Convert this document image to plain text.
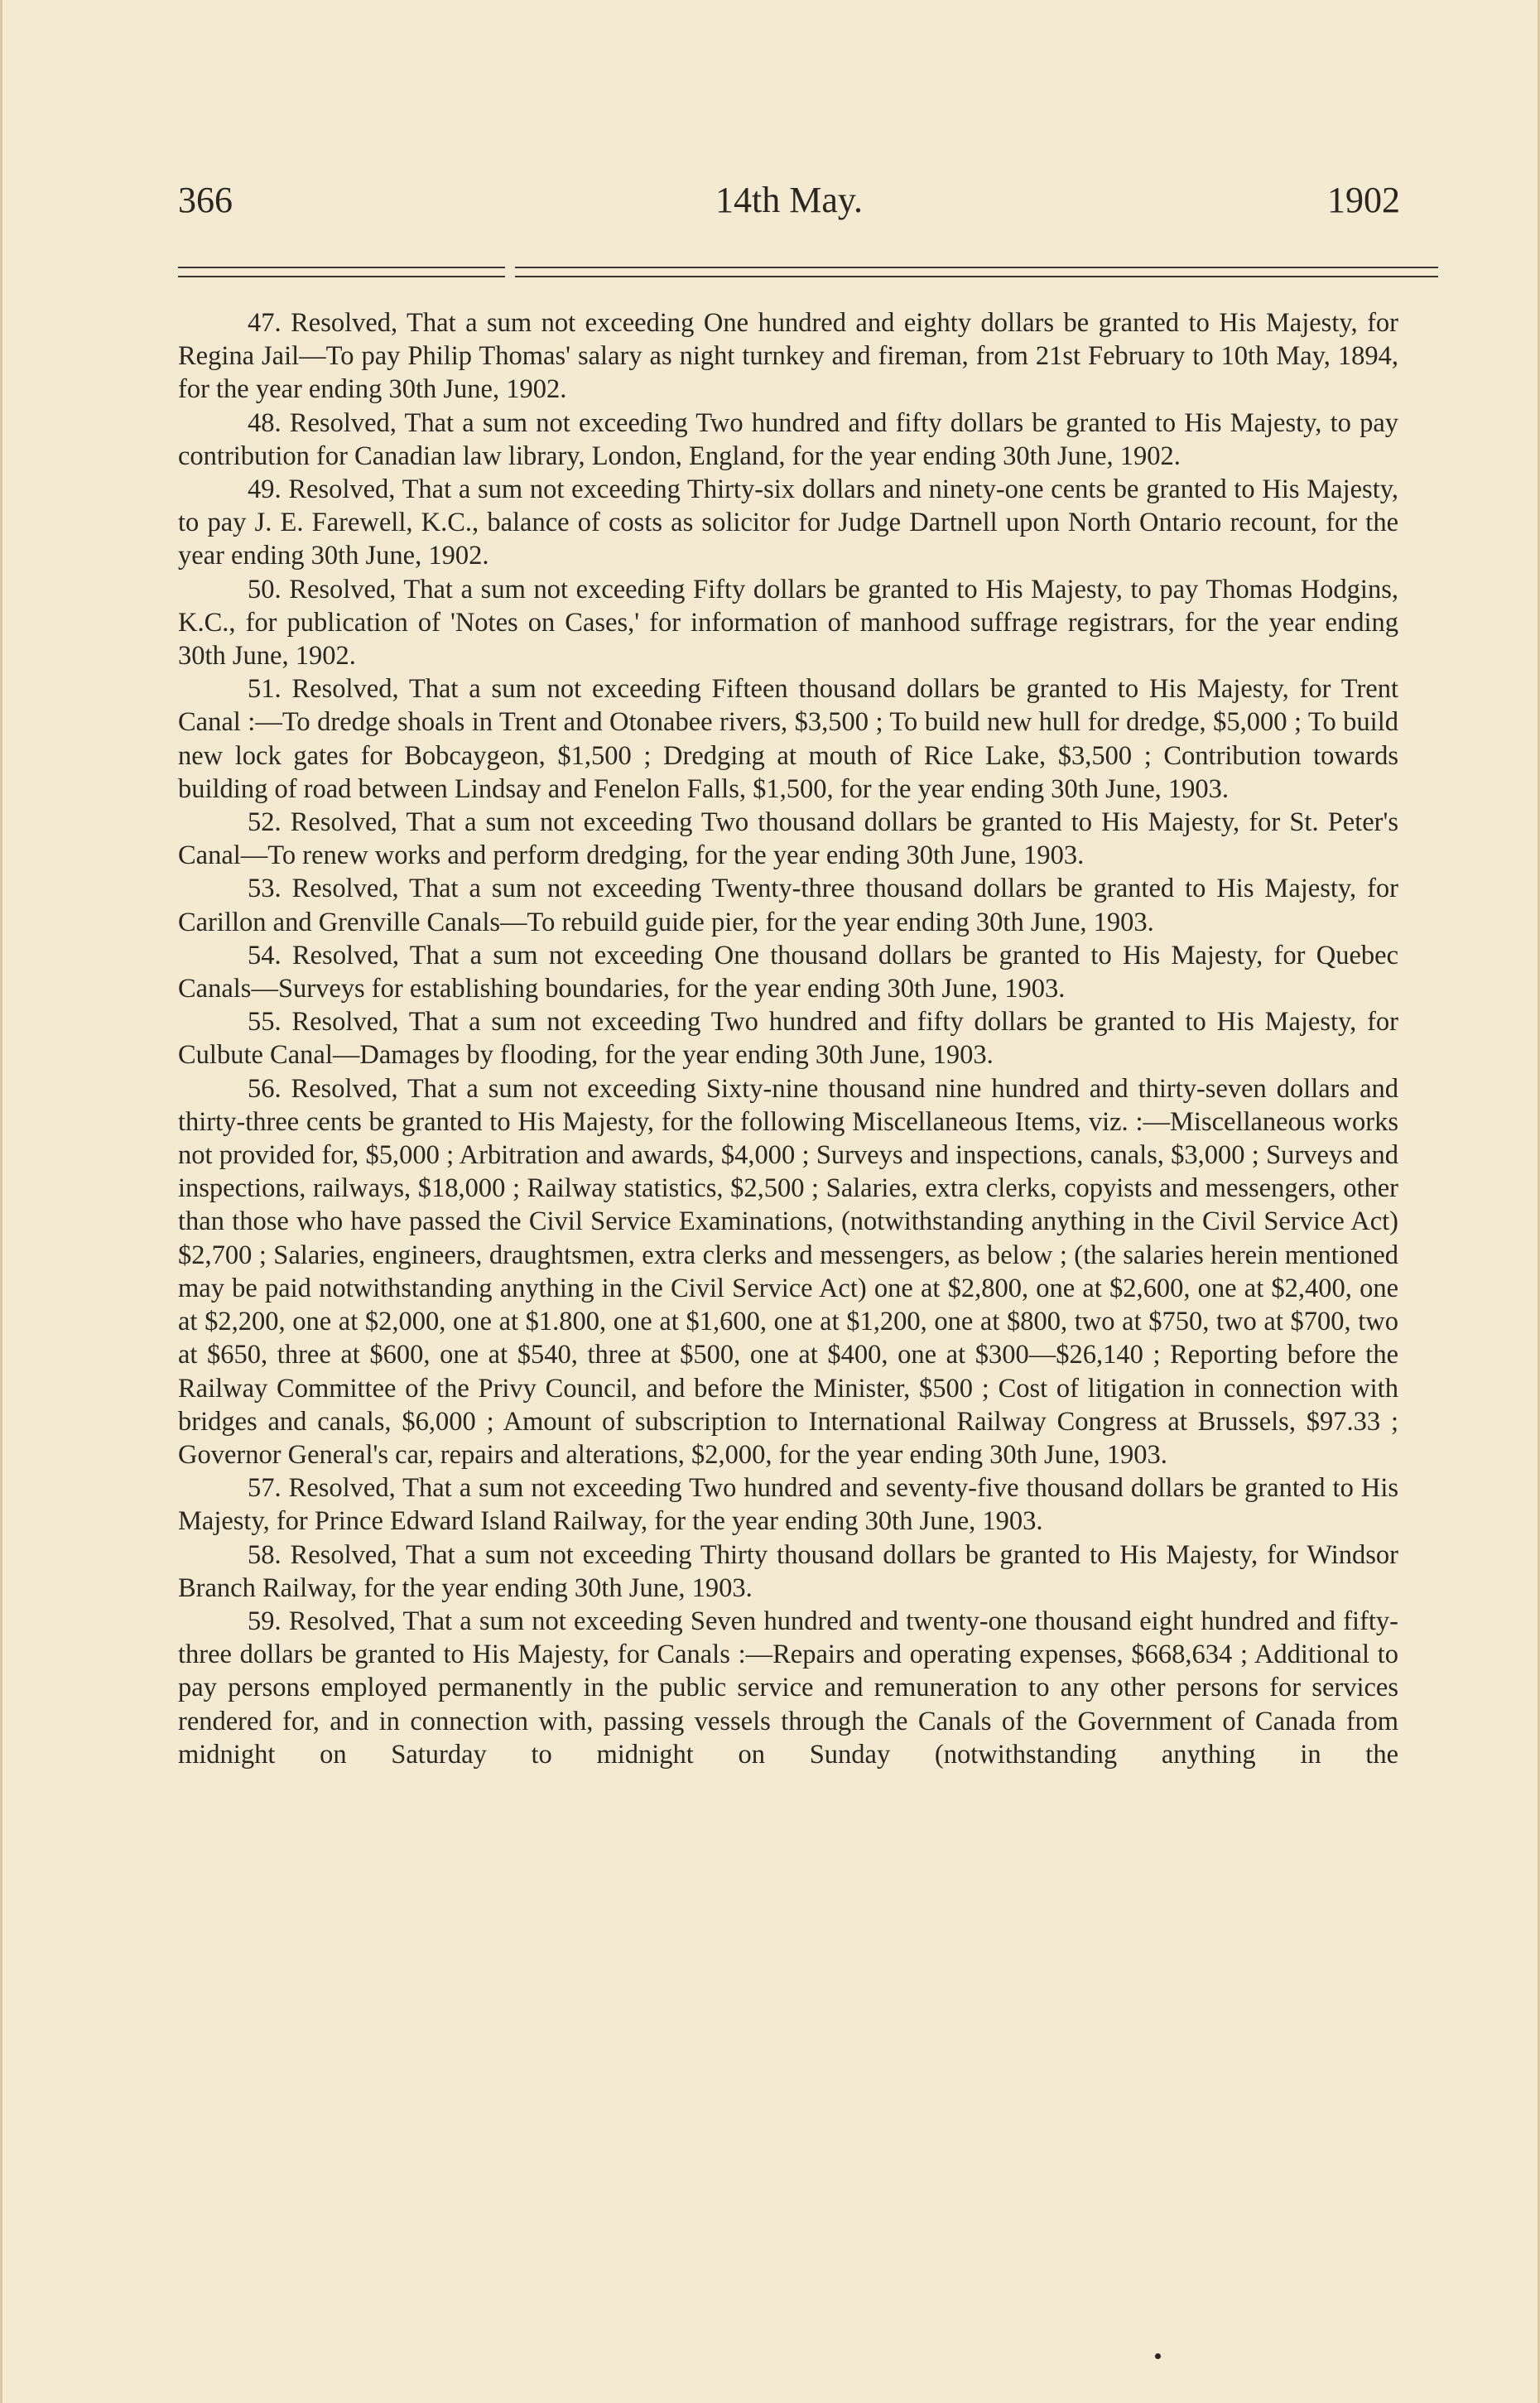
366	14th May.	1902

47. Resolved, That a sum not exceeding One hundred and eighty dollars be granted to His Majesty, for Regina Jail—To pay Philip Thomas' salary as night turnkey and fireman, from 21st February to 10th May, 1894, for the year ending 30th June, 1902.

48. Resolved, That a sum not exceeding Two hundred and fifty dollars be granted to His Majesty, to pay contribution for Canadian law library, London, England, for the year ending 30th June, 1902.

49. Resolved, That a sum not exceeding Thirty-six dollars and ninety-one cents be granted to His Majesty, to pay J. E. Farewell, K.C., balance of costs as solicitor for Judge Dartnell upon North Ontario recount, for the year ending 30th June, 1902.

50. Resolved, That a sum not exceeding Fifty dollars be granted to His Majesty, to pay Thomas Hodgins, K.C., for publication of 'Notes on Cases,' for information of manhood suffrage registrars, for the year ending 30th June, 1902.

51. Resolved, That a sum not exceeding Fifteen thousand dollars be granted to His Majesty, for Trent Canal :—To dredge shoals in Trent and Otonabee rivers, $3,500 ; To build new hull for dredge, $5,000 ; To build new lock gates for Bobcaygeon, $1,500 ; Dredging at mouth of Rice Lake, $3,500 ; Contribution towards building of road between Lindsay and Fenelon Falls, $1,500, for the year ending 30th June, 1903.

52. Resolved, That a sum not exceeding Two thousand dollars be granted to His Majesty, for St. Peter's Canal—To renew works and perform dredging, for the year ending 30th June, 1903.

53. Resolved, That a sum not exceeding Twenty-three thousand dollars be granted to His Majesty, for Carillon and Grenville Canals—To rebuild guide pier, for the year ending 30th June, 1903.

54. Resolved, That a sum not exceeding One thousand dollars be granted to His Majesty, for Quebec Canals—Surveys for establishing boundaries, for the year ending 30th June, 1903.

55. Resolved, That a sum not exceeding Two hundred and fifty dollars be granted to His Majesty, for Culbute Canal—Damages by flooding, for the year ending 30th June, 1903.

56. Resolved, That a sum not exceeding Sixty-nine thousand nine hundred and thirty-seven dollars and thirty-three cents be granted to His Majesty, for the following Miscellaneous Items, viz. :—Miscellaneous works not provided for, $5,000 ; Arbitration and awards, $4,000 ; Surveys and inspections, canals, $3,000 ; Surveys and inspections, railways, $18,000 ; Railway statistics, $2,500 ; Salaries, extra clerks, copyists and messengers, other than those who have passed the Civil Service Examinations, (notwithstanding anything in the Civil Service Act) $2,700 ; Salaries, engineers, draughtsmen, extra clerks and messengers, as below ; (the salaries herein mentioned may be paid notwithstanding anything in the Civil Service Act) one at $2,800, one at $2,600, one at $2,400, one at $2,200, one at $2,000, one at $1.800, one at $1,600, one at $1,200, one at $800, two at $750, two at $700, two at $650, three at $600, one at $540, three at $500, one at $400, one at $300—$26,140 ; Reporting before the Railway Committee of the Privy Council, and before the Minister, $500 ; Cost of litigation in connection with bridges and canals, $6,000 ; Amount of subscription to International Railway Congress at Brussels, $97.33 ; Governor General's car, repairs and alterations, $2,000, for the year ending 30th June, 1903.

57. Resolved, That a sum not exceeding Two hundred and seventy-five thousand dollars be granted to His Majesty, for Prince Edward Island Railway, for the year ending 30th June, 1903.

58. Resolved, That a sum not exceeding Thirty thousand dollars be granted to His Majesty, for Windsor Branch Railway, for the year ending 30th June, 1903.

59. Resolved, That a sum not exceeding Seven hundred and twenty-one thousand eight hundred and fifty-three dollars be granted to His Majesty, for Canals :—Repairs and operating expenses, $668,634 ; Additional to pay persons employed permanently in the public service and remuneration to any other persons for services rendered for, and in connection with, passing vessels through the Canals of the Government of Canada from midnight on Saturday to midnight on Sunday (notwithstanding anything in the
